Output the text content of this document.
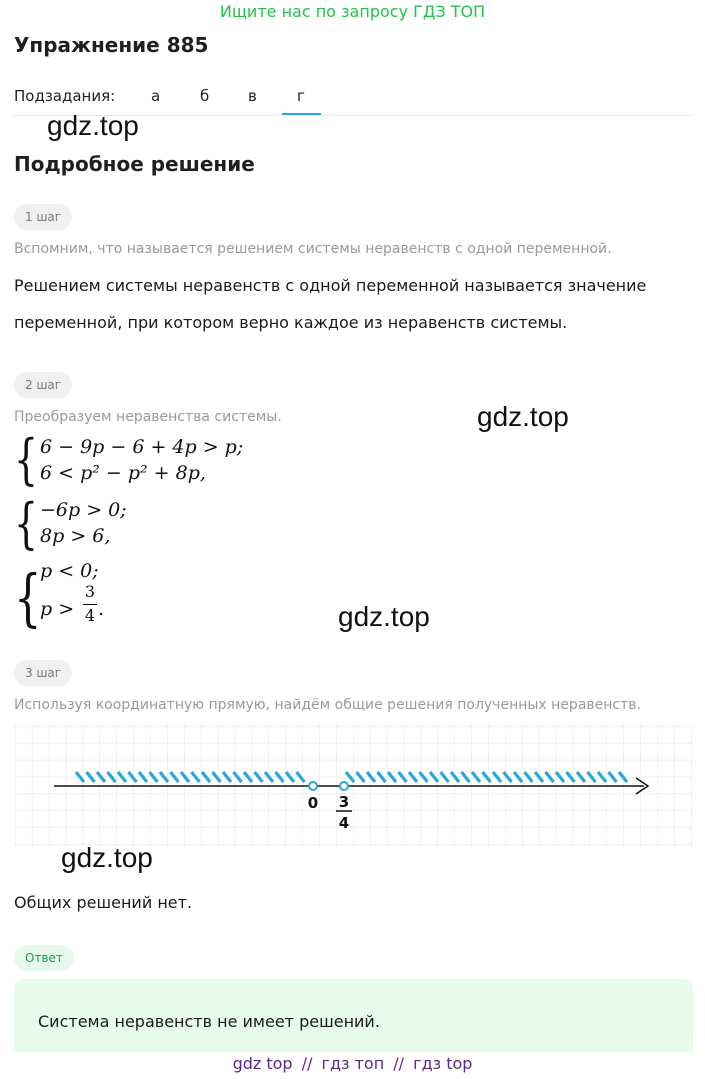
Ищите нас по запросу ГДЗ ТОП
Упражнение 885
Подзадания: а	б	в	г
gdz.top
Подробное решение
1 шаг
Вспомним, что называется решением системы неравенств с одной переменной.
Решением системы неравенств с одной переменной называется значение
переменной, при котором верно каждое из неравенств системы.
2 шаг
Преобразуем неравенства системы.	gdz.top
{ 6 − 9p − 6 + 4p > p;
6 < p² − p² + 8p,
{ −6p > 0;
8p > 6,
{
p < 0;
p >
3
4 .	gdz.top
3 шаг
Используя координатную прямую, найдём общие решения полученных неравенств.
0 3
4
gdz.top
Общих решений нет.
Ответ
Система неравенств не имеет решений.
gdz top // гдз топ // гдз top
